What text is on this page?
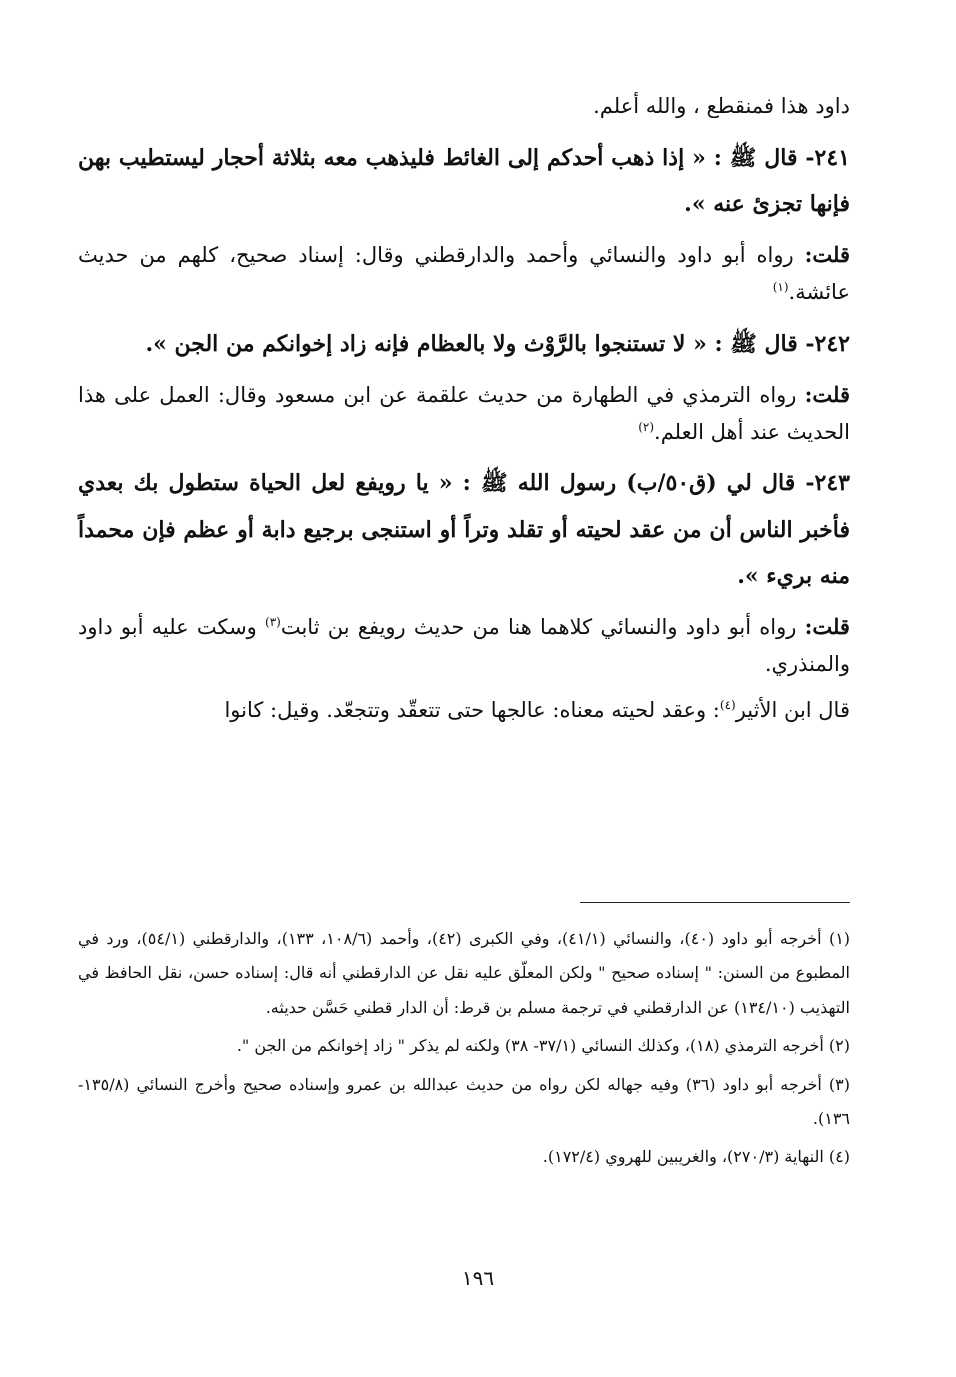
داود هذا فمنقطع ، والله أعلم.

٢٤١- قال ﷺ : « إذا ذهب أحدكم إلى الغائط فليذهب معه بثلاثة أحجار ليستطيب بهن فإنها تجزئ عنه ».

قلت: رواه أبو داود والنسائي وأحمد والدارقطني وقال: إسناد صحيح، كلهم من حديث عائشة.$^{(١)}$

٢٤٢- قال ﷺ : « لا تستنجوا بالرَّوْث ولا بالعظام فإنه زاد إخوانكم من الجن ».

قلت: رواه الترمذي في الطهارة من حديث علقمة عن ابن مسعود وقال: العمل على هذا الحديث عند أهل العلم.$^{(٢)}$

٢٤٣- قال لي (ق٥٠/ب) رسول الله ﷺ : « يا رويفع لعل الحياة ستطول بك بعدي فأخبر الناس أن من عقد لحيته أو تقلد وتراً أو استنجى برجيع دابة أو عظم فإن محمداً منه بريء ».

قلت: رواه أبو داود والنسائي كلاهما هنا من حديث رويفع بن ثابت$^{(٣)}$ وسكت عليه أبو داود والمنذري.

قال ابن الأثير$^{(٤)}$: وعقد لحيته معناه: عالجها حتى تتعقّد وتتجعّد. وقيل: كانوا

(١) أخرجه أبو داود (٤٠)، والنسائي (٤١/١)، وفي الكبرى (٤٢)، وأحمد (١٠٨/٦، ١٣٣)، والدارقطني (٥٤/١)، ورد في المطبوع من السنن: " إسناده صحيح " ولكن المعلّق عليه نقل عن الدارقطني أنه قال: إسناده حسن، نقل الحافظ في التهذيب (١٣٤/١٠) عن الدارقطني في ترجمة مسلم بن قرط: أن الدار قطني حَسَّن حديثه.

(٢) أخرجه الترمذي (١٨)، وكذلك النسائي (٣٧/١- ٣٨) ولكنه لم يذكر " زاد إخوانكم من الجن ".

(٣) أخرجه أبو داود (٣٦) وفيه جهاله لكن رواه من حديث عبدالله بن عمرو وإسناده صحيح وأخرج النسائي (١٣٥/٨- ١٣٦).

(٤) النهاية (٢٧٠/٣)، والغريبين للهروي (١٧٢/٤).

١٩٦
